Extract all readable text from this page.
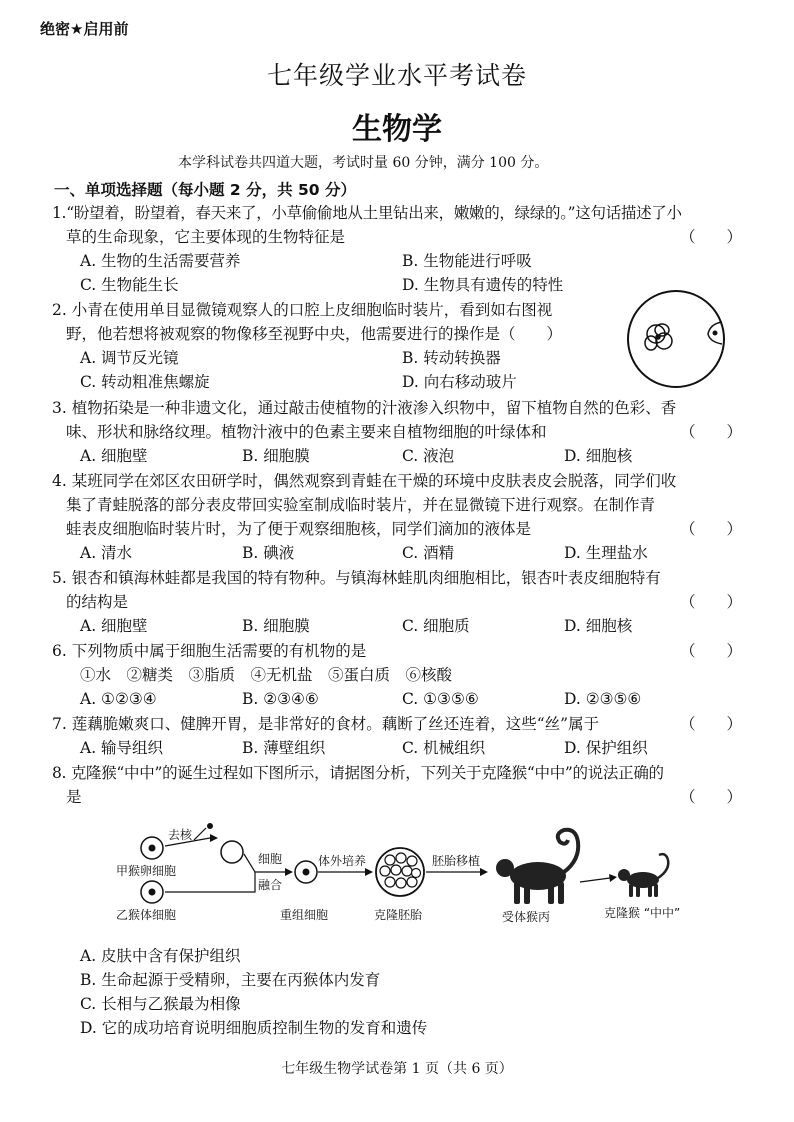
绝密★启用前
七年级学业水平考试卷
生物学
本学科试卷共四道大题，考试时量 60 分钟，满分 100 分。
一、单项选择题（每小题 2 分，共 50 分）
1.“盼望着，盼望着，春天来了，小草偷偷地从土里钻出来，嫩嫩的，绿绿的。”这句话描述了小
草的生命现象，它主要体现的生物特征是	（　　）
A. 生物的生活需要营养	B. 生物能进行呼吸
C. 生物能生长	D. 生物具有遗传的特性
2. 小青在使用单目显微镜观察人的口腔上皮细胞临时装片，看到如右图视
野，他若想将被观察的物像移至视野中央，他需要进行的操作是（　　）
A. 调节反光镜	B. 转动转换器
C. 转动粗准焦螺旋	D. 向右移动玻片
3. 植物拓染是一种非遗文化，通过敲击使植物的汁液渗入织物中，留下植物自然的色彩、香
味、形状和脉络纹理。植物汁液中的色素主要来自植物细胞的叶绿体和	（　　）
A. 细胞壁	B. 细胞膜	C. 液泡	D. 细胞核
4. 某班同学在郊区农田研学时，偶然观察到青蛙在干燥的环境中皮肤表皮会脱落，同学们收
集了青蛙脱落的部分表皮带回实验室制成临时装片，并在显微镜下进行观察。在制作青
蛙表皮细胞临时装片时，为了便于观察细胞核，同学们滴加的液体是	（　　）
A. 清水	B. 碘液	C. 酒精	D. 生理盐水
5. 银杏和镇海林蛙都是我国的特有物种。与镇海林蛙肌肉细胞相比，银杏叶表皮细胞特有
的结构是	（　　）
A. 细胞壁	B. 细胞膜	C. 细胞质	D. 细胞核
6. 下列物质中属于细胞生活需要的有机物的是	（　　）
①水　②糖类　③脂质　④无机盐　⑤蛋白质　⑥核酸
A. ①②③④	B. ②③④⑥	C. ①③⑤⑥	D. ②③⑤⑥
7. 莲藕脆嫩爽口、健脾开胃，是非常好的食材。藕断了丝还连着，这些“丝”属于	（　　）
A. 输导组织	B. 薄壁组织	C. 机械组织	D. 保护组织
8. 克隆猴“中中”的诞生过程如下图所示，请据图分析，下列关于克隆猴“中中”的说法正确的
是	（　　）
去核
甲猴卵细胞
乙猴体细胞
细胞
融合
体外培养
重组细胞	克隆胚胎
胚胎移植
受体猴丙	克隆猴 “中中”
A. 皮肤中含有保护组织
B. 生命起源于受精卵，主要在丙猴体内发育
C. 长相与乙猴最为相像
D. 它的成功培育说明细胞质控制生物的发育和遗传
七年级生物学试卷第 1 页（共 6 页）
